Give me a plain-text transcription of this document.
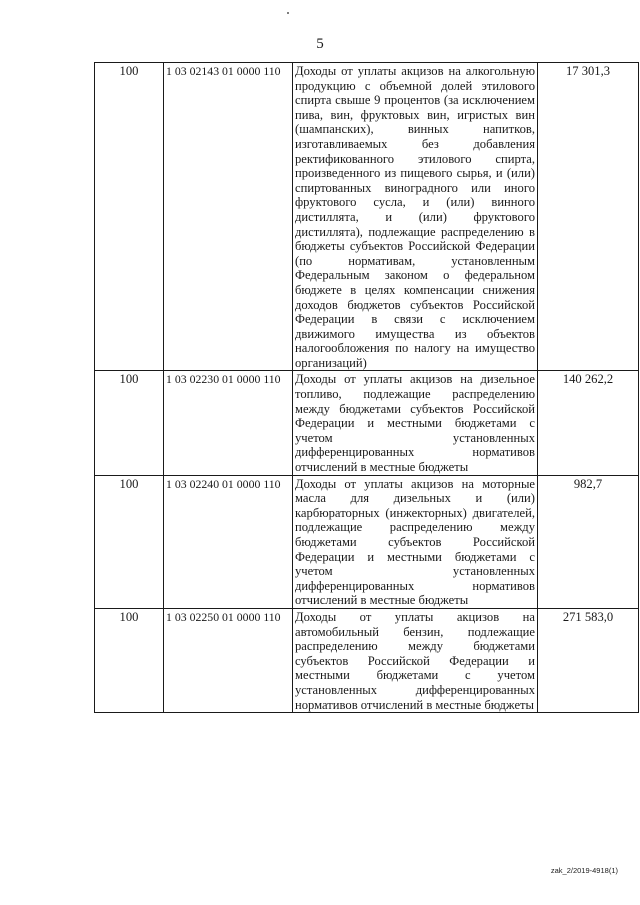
5
100	1 03 02143 01 0000 110	Доходы от уплаты акцизов на алкогольную продукцию с объемной долей этилового спирта свыше 9 процентов (за исключением пива, вин, фруктовых вин, игристых вин (шампанских), винных напитков, изготавливаемых без добавления ректификованного этилового спирта, произведенного из пищевого сырья, и (или) спиртованных виноградного или иного фруктового сусла, и (или) винного дистиллята, и (или) фруктового дистиллята), подлежащие распределению в бюджеты субъектов Российской Федерации (по нормативам, установленным Федеральным законом о федеральном бюджете в целях компенсации снижения доходов бюджетов субъектов Российской Федерации в связи с исключением движимого имущества из объектов налогообложения по налогу на имущество организаций)	17 301,3
100	1 03 02230 01 0000 110	Доходы от уплаты акцизов на дизельное топливо, подлежащие распределению между бюджетами субъектов Российской Федерации и местными бюджетами с учетом установленных дифференцированных нормативов отчислений в местные бюджеты	140 262,2
100	1 03 02240 01 0000 110	Доходы от уплаты акцизов на моторные масла для дизельных и (или) карбюраторных (инжекторных) двигателей, подлежащие распределению между бюджетами субъектов Российской Федерации и местными бюджетами с учетом установленных дифференцированных нормативов отчислений в местные бюджеты	982,7
100	1 03 02250 01 0000 110	Доходы от уплаты акцизов на автомобильный бензин, подлежащие распределению между бюджетами субъектов Российской Федерации и местными бюджетами с учетом установленных дифференцированных нормативов отчислений в местные бюджеты	271 583,0
zak_2/2019-4918(1)
